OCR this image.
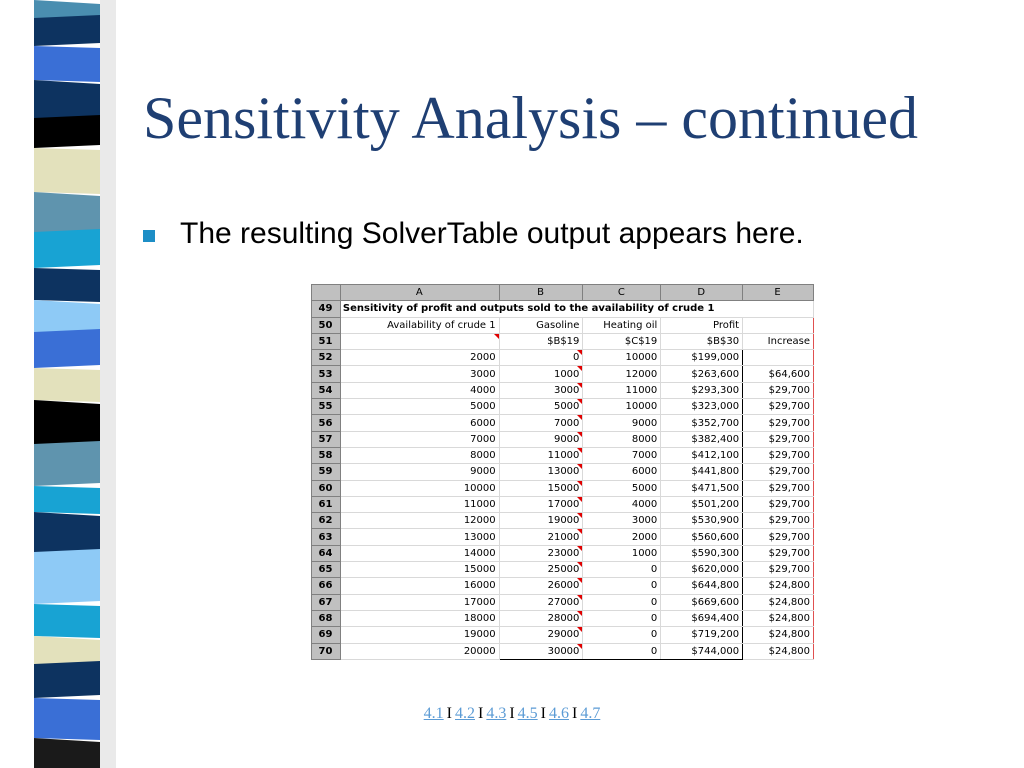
Sensitivity Analysis – continued
The resulting SolverTable output appears here.
	A	B	C	D	E
49	Sensitivity of profit and outputs sold to the availability of crude 1				
50	Availability of crude 1	Gasoline	Heating oil	Profit	
51		$B$19	$C$19	$B$30	Increase
52	2000	0	10000	$199,000	
53	3000	1000	12000	$263,600	$64,600
54	4000	3000	11000	$293,300	$29,700
55	5000	5000	10000	$323,000	$29,700
56	6000	7000	9000	$352,700	$29,700
57	7000	9000	8000	$382,400	$29,700
58	8000	11000	7000	$412,100	$29,700
59	9000	13000	6000	$441,800	$29,700
60	10000	15000	5000	$471,500	$29,700
61	11000	17000	4000	$501,200	$29,700
62	12000	19000	3000	$530,900	$29,700
63	13000	21000	2000	$560,600	$29,700
64	14000	23000	1000	$590,300	$29,700
65	15000	25000	0	$620,000	$29,700
66	16000	26000	0	$644,800	$24,800
67	17000	27000	0	$669,600	$24,800
68	18000	28000	0	$694,400	$24,800
69	19000	29000	0	$719,200	$24,800
70	20000	30000	0	$744,000	$24,800
4.1 I 4.2 I 4.3 I 4.5 I 4.6 I 4.7
